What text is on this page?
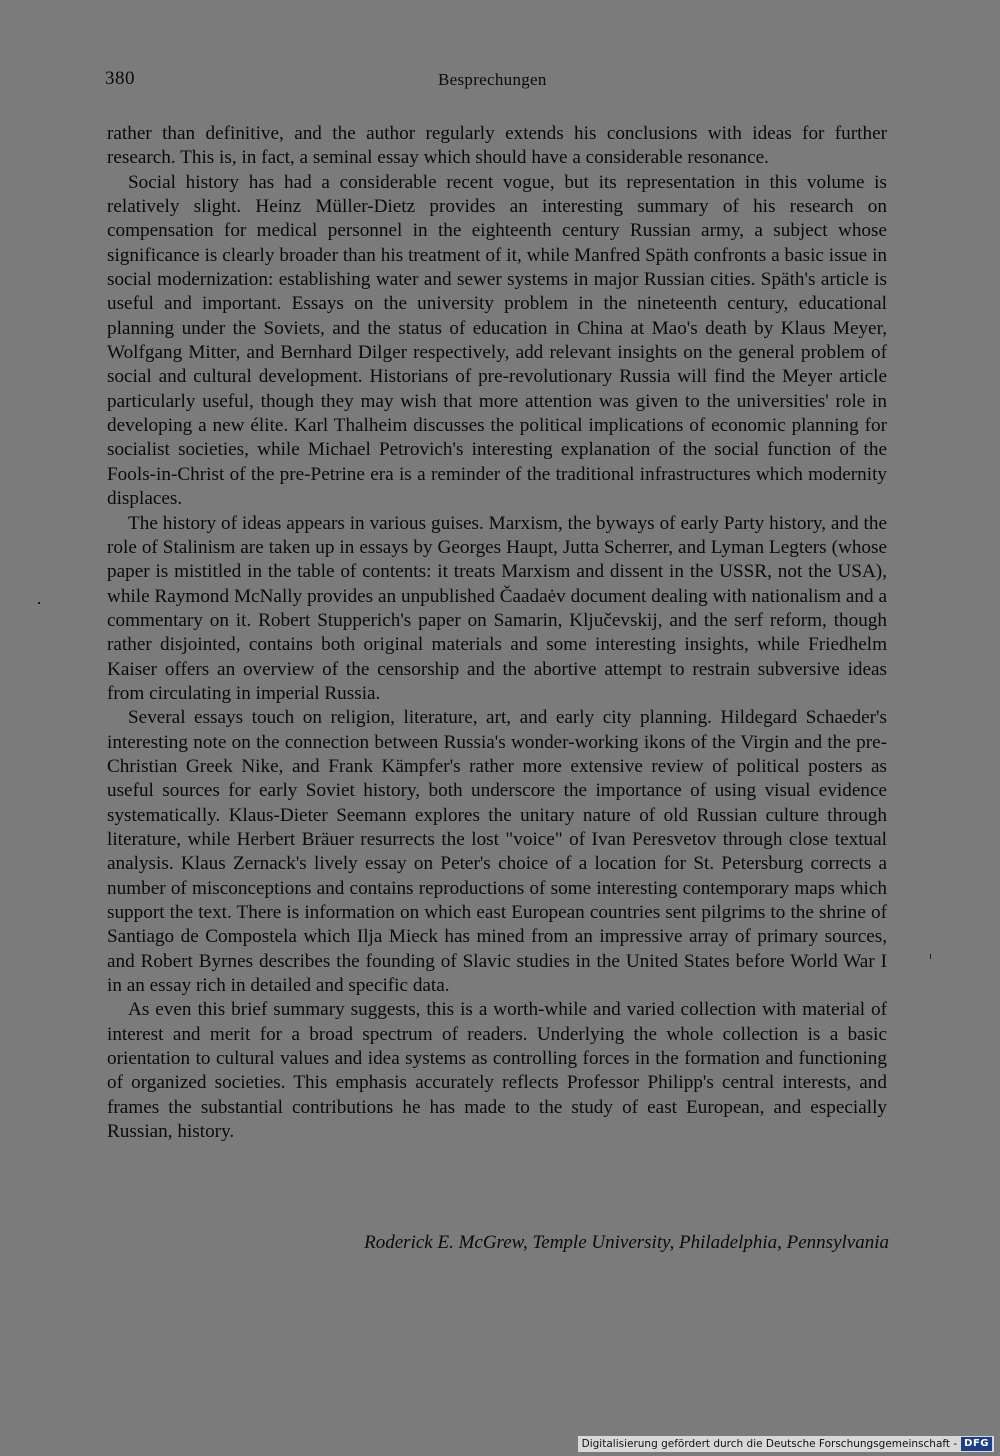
380	Besprechungen

rather than definitive, and the author regularly extends his conclusions with ideas for further research. This is, in fact, a seminal essay which should have a considerable resonance.

Social history has had a considerable recent vogue, but its representation in this volume is relatively slight. Heinz Müller-Dietz provides an interesting summary of his research on compensation for medical personnel in the eighteenth century Russian army, a subject whose significance is clearly broader than his treatment of it, while Manfred Späth confronts a basic issue in social modernization: establishing water and sewer systems in major Russian cities. Späth's article is useful and important. Essays on the university problem in the nineteenth century, educational planning under the Soviets, and the status of education in China at Mao's death by Klaus Meyer, Wolfgang Mitter, and Bernhard Dilger respectively, add relevant insights on the general problem of social and cultural development. Historians of pre-revolutionary Russia will find the Meyer article particularly useful, though they may wish that more attention was given to the universities' role in developing a new élite. Karl Thalheim discusses the political implications of economic planning for socialist societies, while Michael Petrovich's interesting explanation of the social function of the Fools-in-Christ of the pre-Petrine era is a reminder of the traditional infrastructures which modernity displaces.

The history of ideas appears in various guises. Marxism, the byways of early Party history, and the role of Stalinism are taken up in essays by Georges Haupt, Jutta Scherrer, and Lyman Legters (whose paper is mistitled in the table of contents: it treats Marxism and dissent in the USSR, not the USA), while Raymond McNally provides an unpublished Čaadaėv document dealing with nationalism and a commentary on it. Robert Stupperich's paper on Samarin, Ključevskij, and the serf reform, though rather disjointed, contains both original materials and some interesting insights, while Friedhelm Kaiser offers an overview of the censorship and the abortive attempt to restrain subversive ideas from circulating in imperial Russia.

Several essays touch on religion, literature, art, and early city planning. Hildegard Schaeder's interesting note on the connection between Russia's wonder-working ikons of the Virgin and the pre-Christian Greek Nike, and Frank Kämpfer's rather more extensive review of political posters as useful sources for early Soviet history, both underscore the importance of using visual evidence systematically. Klaus-Dieter Seemann explores the unitary nature of old Russian culture through literature, while Herbert Bräuer resurrects the lost "voice" of Ivan Peresvetov through close textual analysis. Klaus Zernack's lively essay on Peter's choice of a location for St. Petersburg corrects a number of misconceptions and contains reproductions of some interesting contemporary maps which support the text. There is information on which east European countries sent pilgrims to the shrine of Santiago de Compostela which Ilja Mieck has mined from an impressive array of primary sources, and Robert Byrnes describes the founding of Slavic studies in the United States before World War I in an essay rich in detailed and specific data.

As even this brief summary suggests, this is a worth-while and varied collection with material of interest and merit for a broad spectrum of readers. Underlying the whole collection is a basic orientation to cultural values and idea systems as controlling forces in the formation and functioning of organized societies. This emphasis accurately reflects Professor Philipp's central interests, and frames the substantial contributions he has made to the study of east European, and especially Russian, history.

Roderick E. McGrew, Temple University, Philadelphia, Pennsylvania
Digitalisierung gefördert durch die Deutsche Forschungsgemeinschaft - DFG
